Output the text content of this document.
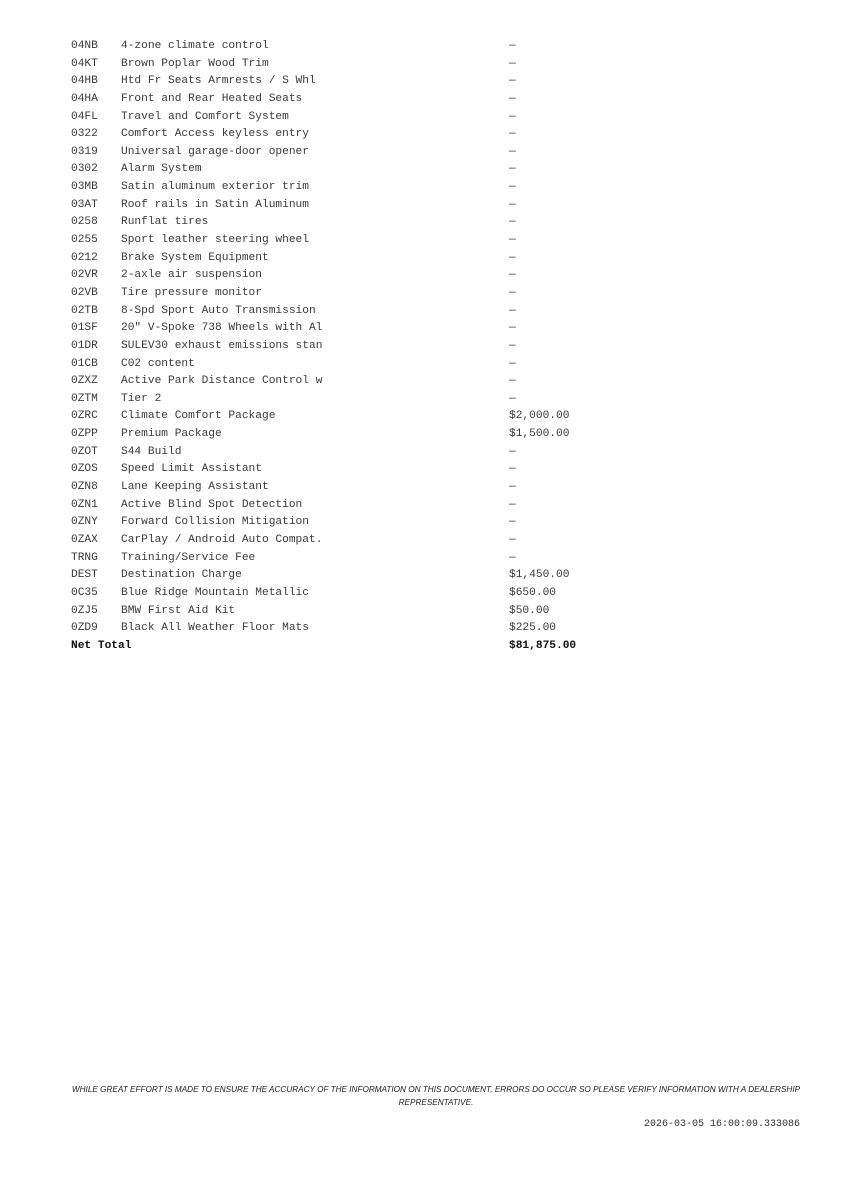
04NB	4-zone climate control	—
04KT	Brown Poplar Wood Trim	—
04HB	Htd Fr Seats Armrests / S Whl	—
04HA	Front and Rear Heated Seats	—
04FL	Travel and Comfort System	—
0322	Comfort Access keyless entry	—
0319	Universal garage-door opener	—
0302	Alarm System	—
03MB	Satin aluminum exterior trim	—
03AT	Roof rails in Satin Aluminum	—
0258	Runflat tires	—
0255	Sport leather steering wheel	—
0212	Brake System Equipment	—
02VR	2-axle air suspension	—
02VB	Tire pressure monitor	—
02TB	8-Spd Sport Auto Transmission	—
01SF	20" V-Spoke 738 Wheels with Al	—
01DR	SULEV30 exhaust emissions stan	—
01CB	C02 content	—
0ZXZ	Active Park Distance Control w	—
0ZTM	Tier 2	—
0ZRC	Climate Comfort Package	$2,000.00
0ZPP	Premium Package	$1,500.00
0ZOT	S44 Build	—
0ZOS	Speed Limit Assistant	—
0ZN8	Lane Keeping Assistant	—
0ZN1	Active Blind Spot Detection	—
0ZNY	Forward Collision Mitigation	—
0ZAX	CarPlay / Android Auto Compat.	—
TRNG	Training/Service Fee	—
DEST	Destination Charge	$1,450.00
0C35	Blue Ridge Mountain Metallic	$650.00
0ZJ5	BMW First Aid Kit	$50.00
0ZD9	Black All Weather Floor Mats	$225.00
Net Total	$81,875.00
WHILE GREAT EFFORT IS MADE TO ENSURE THE ACCURACY OF THE INFORMATION ON THIS DOCUMENT, ERRORS DO OCCUR SO PLEASE VERIFY INFORMATION WITH A DEALERSHIP REPRESENTATIVE.
2026-03-05 16:00:09.333086
